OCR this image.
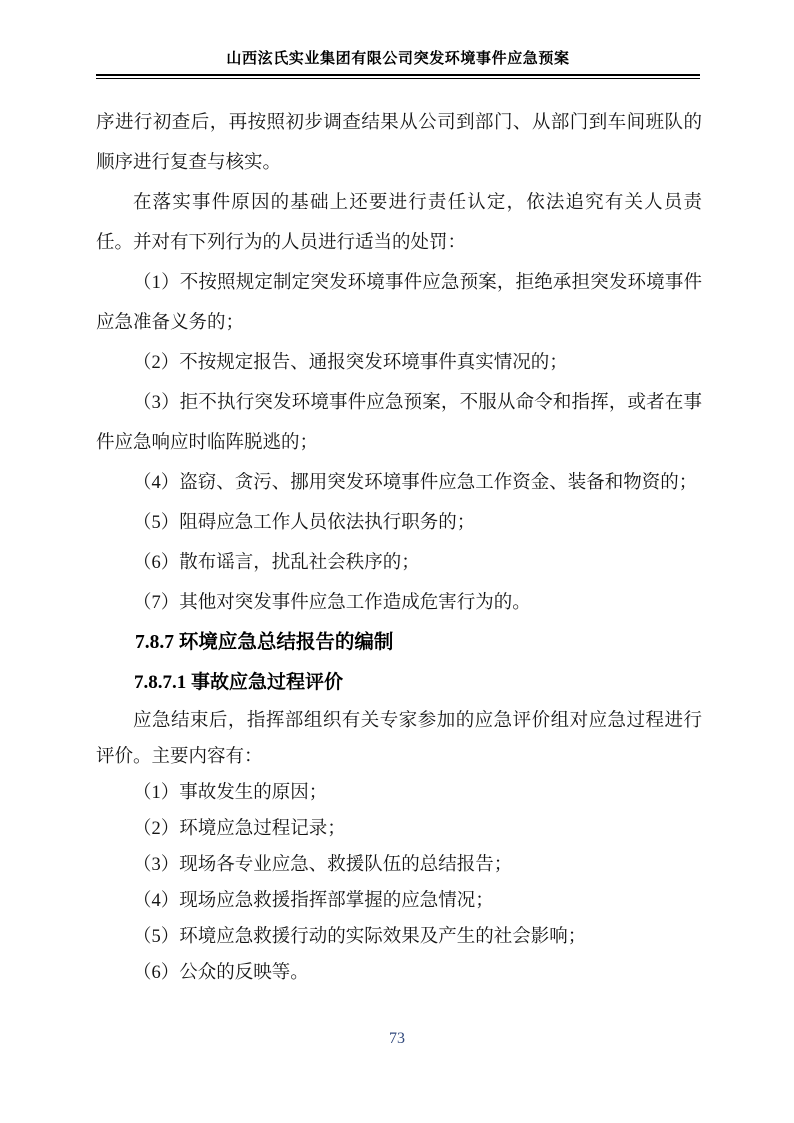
山西泫氏实业集团有限公司突发环境事件应急预案

序进行初查后，再按照初步调查结果从公司到部门、从部门到车间班队的顺序进行复查与核实。

在落实事件原因的基础上还要进行责任认定，依法追究有关人员责任。并对有下列行为的人员进行适当的处罚：

（1）不按照规定制定突发环境事件应急预案，拒绝承担突发环境事件应急准备义务的；

（2）不按规定报告、通报突发环境事件真实情况的；

（3）拒不执行突发环境事件应急预案，不服从命令和指挥，或者在事件应急响应时临阵脱逃的；

（4）盗窃、贪污、挪用突发环境事件应急工作资金、装备和物资的；

（5）阻碍应急工作人员依法执行职务的；

（6）散布谣言，扰乱社会秩序的；

（7）其他对突发事件应急工作造成危害行为的。

7.8.7 环境应急总结报告的编制

7.8.7.1 事故应急过程评价

应急结束后，指挥部组织有关专家参加的应急评价组对应急过程进行评价。主要内容有：

（1）事故发生的原因；

（2）环境应急过程记录；

（3）现场各专业应急、救援队伍的总结报告；

（4）现场应急救援指挥部掌握的应急情况；

（5）环境应急救援行动的实际效果及产生的社会影响；

（6）公众的反映等。

73
